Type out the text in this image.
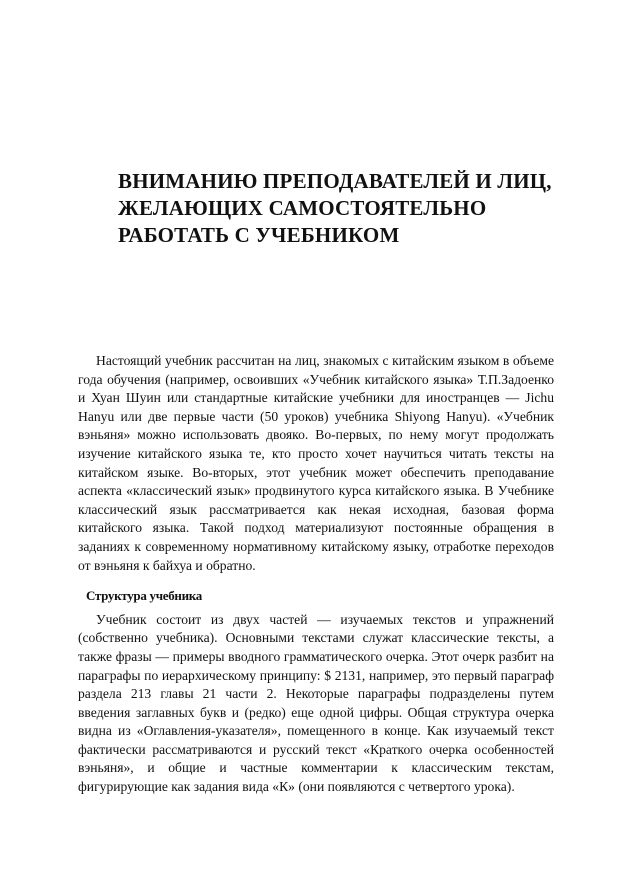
ВНИМАНИЮ ПРЕПОДАВАТЕЛЕЙ И ЛИЦ,
ЖЕЛАЮЩИХ САМОСТОЯТЕЛЬНО
РАБОТАТЬ С УЧЕБНИКОМ

Настоящий учебник рассчитан на лиц, знакомых с китайским языком в объеме года обучения (например, освоивших «Учебник китайского языка» Т.П.Задоенко и Хуан Шуин или стандартные китайские учебники для иностранцев — Jichu Hanyu или две первые части (50 уроков) учебника Shiyong Hanyu). «Учебник вэньяня» можно использовать двояко. Во-первых, по нему могут продолжать изучение китайского языка те, кто просто хочет научиться читать тексты на китайском языке. Во-вторых, этот учебник может обеспечить преподавание аспекта «классический язык» продвинутого курса китайского языка. В Учебнике классический язык рассматривается как некая исходная, базовая форма китайского языка. Такой подход материализуют постоянные обращения в заданиях к современному нормативному китайскому языку, отработке переходов от вэньяня к байхуа и обратно.

Структура учебника

Учебник состоит из двух частей — изучаемых текстов и упражнений (собственно учебника). Основными текстами служат классические тексты, а также фразы — примеры вводного грамматического очерка. Этот очерк разбит на параграфы по иерархическому принципу: $ 2131, например, это первый параграф раздела 213 главы 21 части 2. Некоторые параграфы подразделены путем введения заглавных букв и (редко) еще одной цифры. Общая структура очерка видна из «Оглавления-указателя», помещенного в конце. Как изучаемый текст фактически рассматриваются и русский текст «Краткого очерка особенностей вэньяня», и общие и частные комментарии к классическим текстам, фигурирующие как задания вида «К» (они появляются с четвертого урока).
